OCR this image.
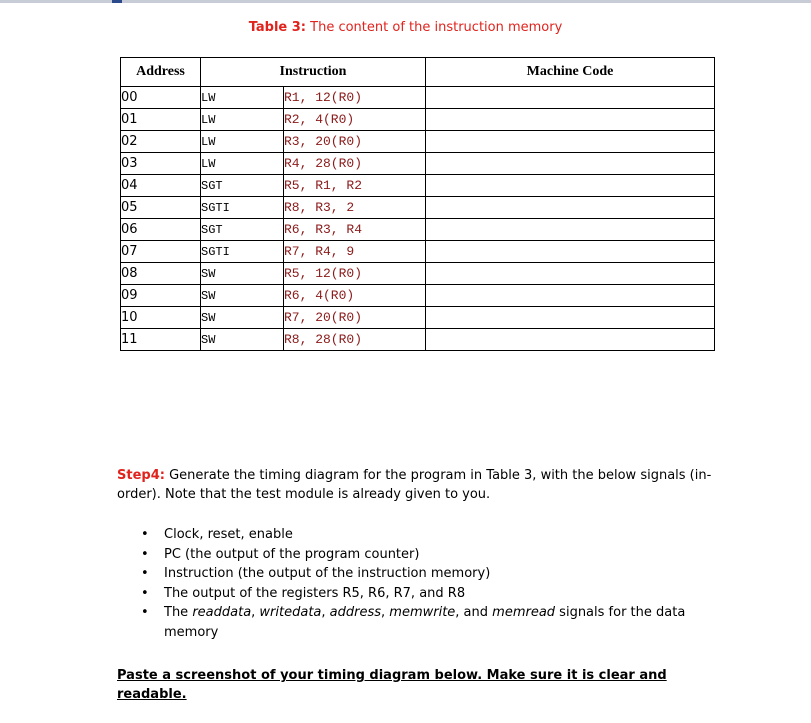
Table 3: The content of the instruction memory
Address	Instruction		Machine Code
00	LW	R1, 12(R0)	
01	LW	R2, 4(R0)	
02	LW	R3, 20(R0)	
03	LW	R4, 28(R0)	
04	SGT	R5, R1, R2	
05	SGTI	R8, R3, 2	
06	SGT	R6, R3, R4	
07	SGTI	R7, R4, 9	
08	SW	R5, 12(R0)	
09	SW	R6, 4(R0)	
10	SW	R7, 20(R0)	
11	SW	R8, 28(R0)	
Step4: Generate the timing diagram for the program in Table 3, with the below signals (in-order). Note that the test module is already given to you.
• Clock, reset, enable
• PC (the output of the program counter)
• Instruction (the output of the instruction memory)
• The output of the registers R5, R6, R7, and R8
• The readdata, writedata, address, memwrite, and memread signals for the data memory
Paste a screenshot of your timing diagram below. Make sure it is clear and readable.
